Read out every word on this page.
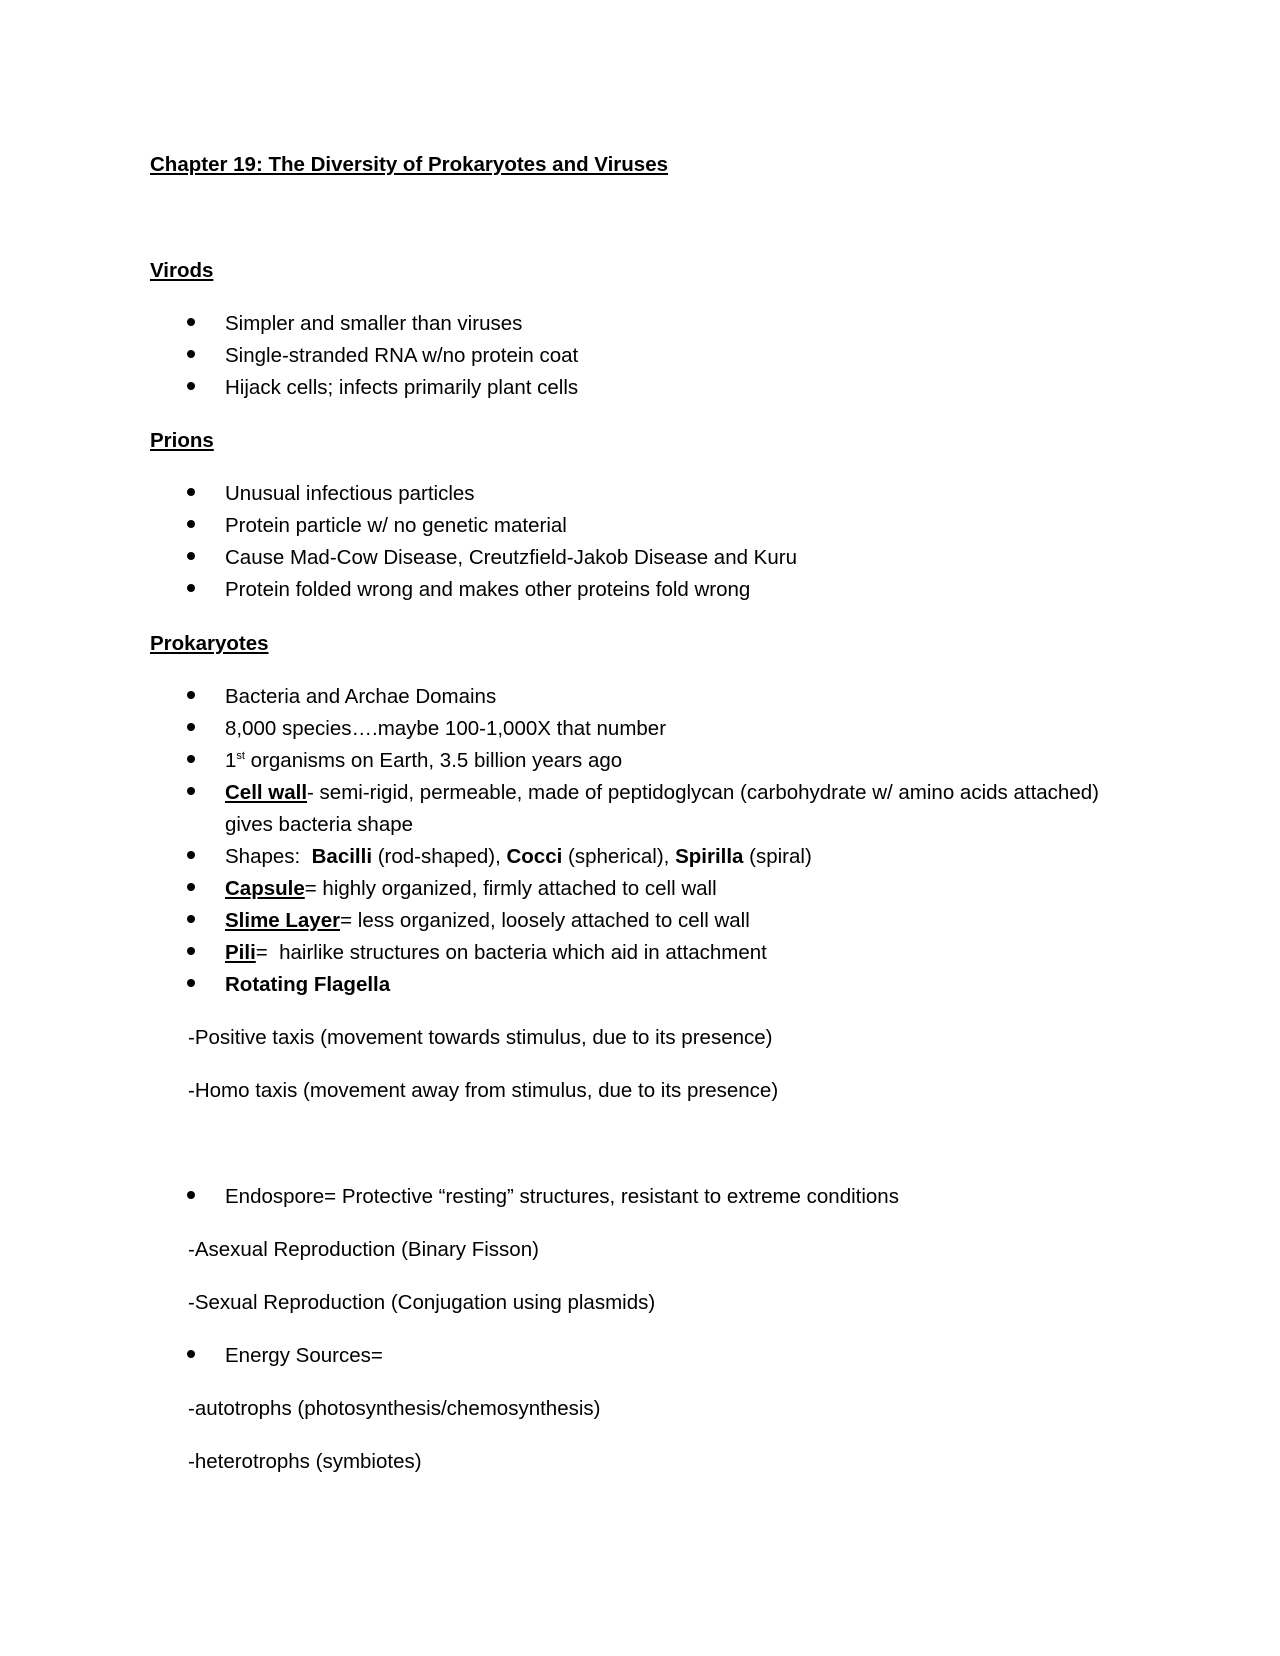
Chapter 19: The Diversity of Prokaryotes and Viruses
Virods
Simpler and smaller than viruses
Single-stranded RNA w/no protein coat
Hijack cells; infects primarily plant cells
Prions
Unusual infectious particles
Protein particle w/ no genetic material
Cause Mad-Cow Disease, Creutzfield-Jakob Disease and Kuru
Protein folded wrong and makes other proteins fold wrong
Prokaryotes
Bacteria and Archae Domains
8,000 species….maybe 100-1,000X that number
1st organisms on Earth, 3.5 billion years ago
Cell wall- semi-rigid, permeable, made of peptidoglycan (carbohydrate w/ amino acids attached)
gives bacteria shape
Shapes:  Bacilli (rod-shaped), Cocci (spherical), Spirilla (spiral)
Capsule= highly organized, firmly attached to cell wall
Slime Layer= less organized, loosely attached to cell wall
Pili=  hairlike structures on bacteria which aid in attachment
Rotating Flagella
-Positive taxis (movement towards stimulus, due to its presence)
-Homo taxis (movement away from stimulus, due to its presence)
Endospore= Protective “resting” structures, resistant to extreme conditions
-Asexual Reproduction (Binary Fisson)
-Sexual Reproduction (Conjugation using plasmids)
Energy Sources=
-autotrophs (photosynthesis/chemosynthesis)
-heterotrophs (symbiotes)
